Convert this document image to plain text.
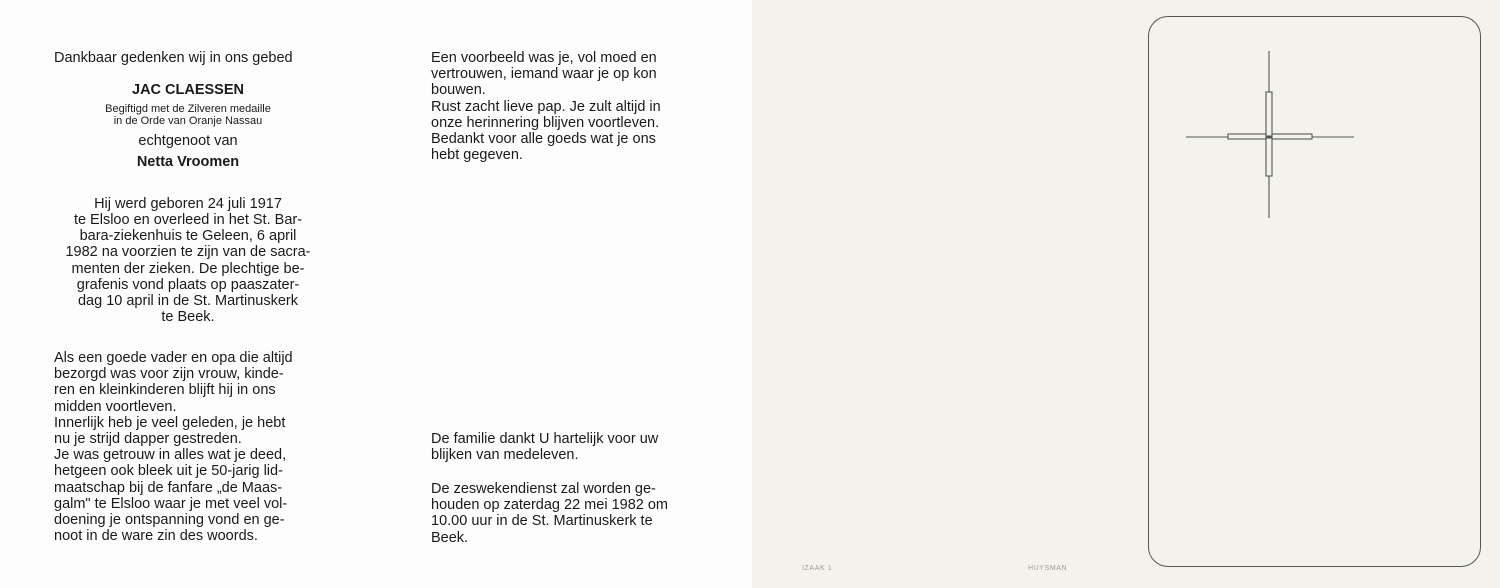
Dankbaar gedenken wij in ons gebed

JAC CLAESSEN

Begiftigd met de Zilveren medaille
in de Orde van Oranje Nassau

echtgenoot van

Netta Vroomen

Hij werd geboren 24 juli 1917
te Elsloo en overleed in het St. Bar-
bara-ziekenhuis te Geleen, 6 april
1982 na voorzien te zijn van de sacra-
menten der zieken. De plechtige be-
grafenis vond plaats op paaszater-
dag 10 april in de St. Martinuskerk
te Beek.
Als een goede vader en opa die altijd
bezorgd was voor zijn vrouw, kinde-
ren en kleinkinderen blijft hij in ons
midden voortleven.
Innerlijk heb je veel geleden, je hebt
nu je strijd dapper gestreden.
Je was getrouw in alles wat je deed,
hetgeen ook bleek uit je 50-jarig lid-
maatschap bij de fanfare „de Maas-
galm" te Elsloo waar je met veel vol-
doening je ontspanning vond en ge-
noot in de ware zin des woords.
Een voorbeeld was je, vol moed en
vertrouwen, iemand waar je op kon
bouwen.
Rust zacht lieve pap. Je zult altijd in
onze herinnering blijven voortleven.
Bedankt voor alle goeds wat je ons
hebt gegeven.
De familie dankt U hartelijk voor uw
blijken van medeleven.
De zeswekendienst zal worden ge-
houden op zaterdag 22 mei 1982 om
10.00 uur in de St. Martinuskerk te
Beek.
IZAAK 1	HUYSMAN
